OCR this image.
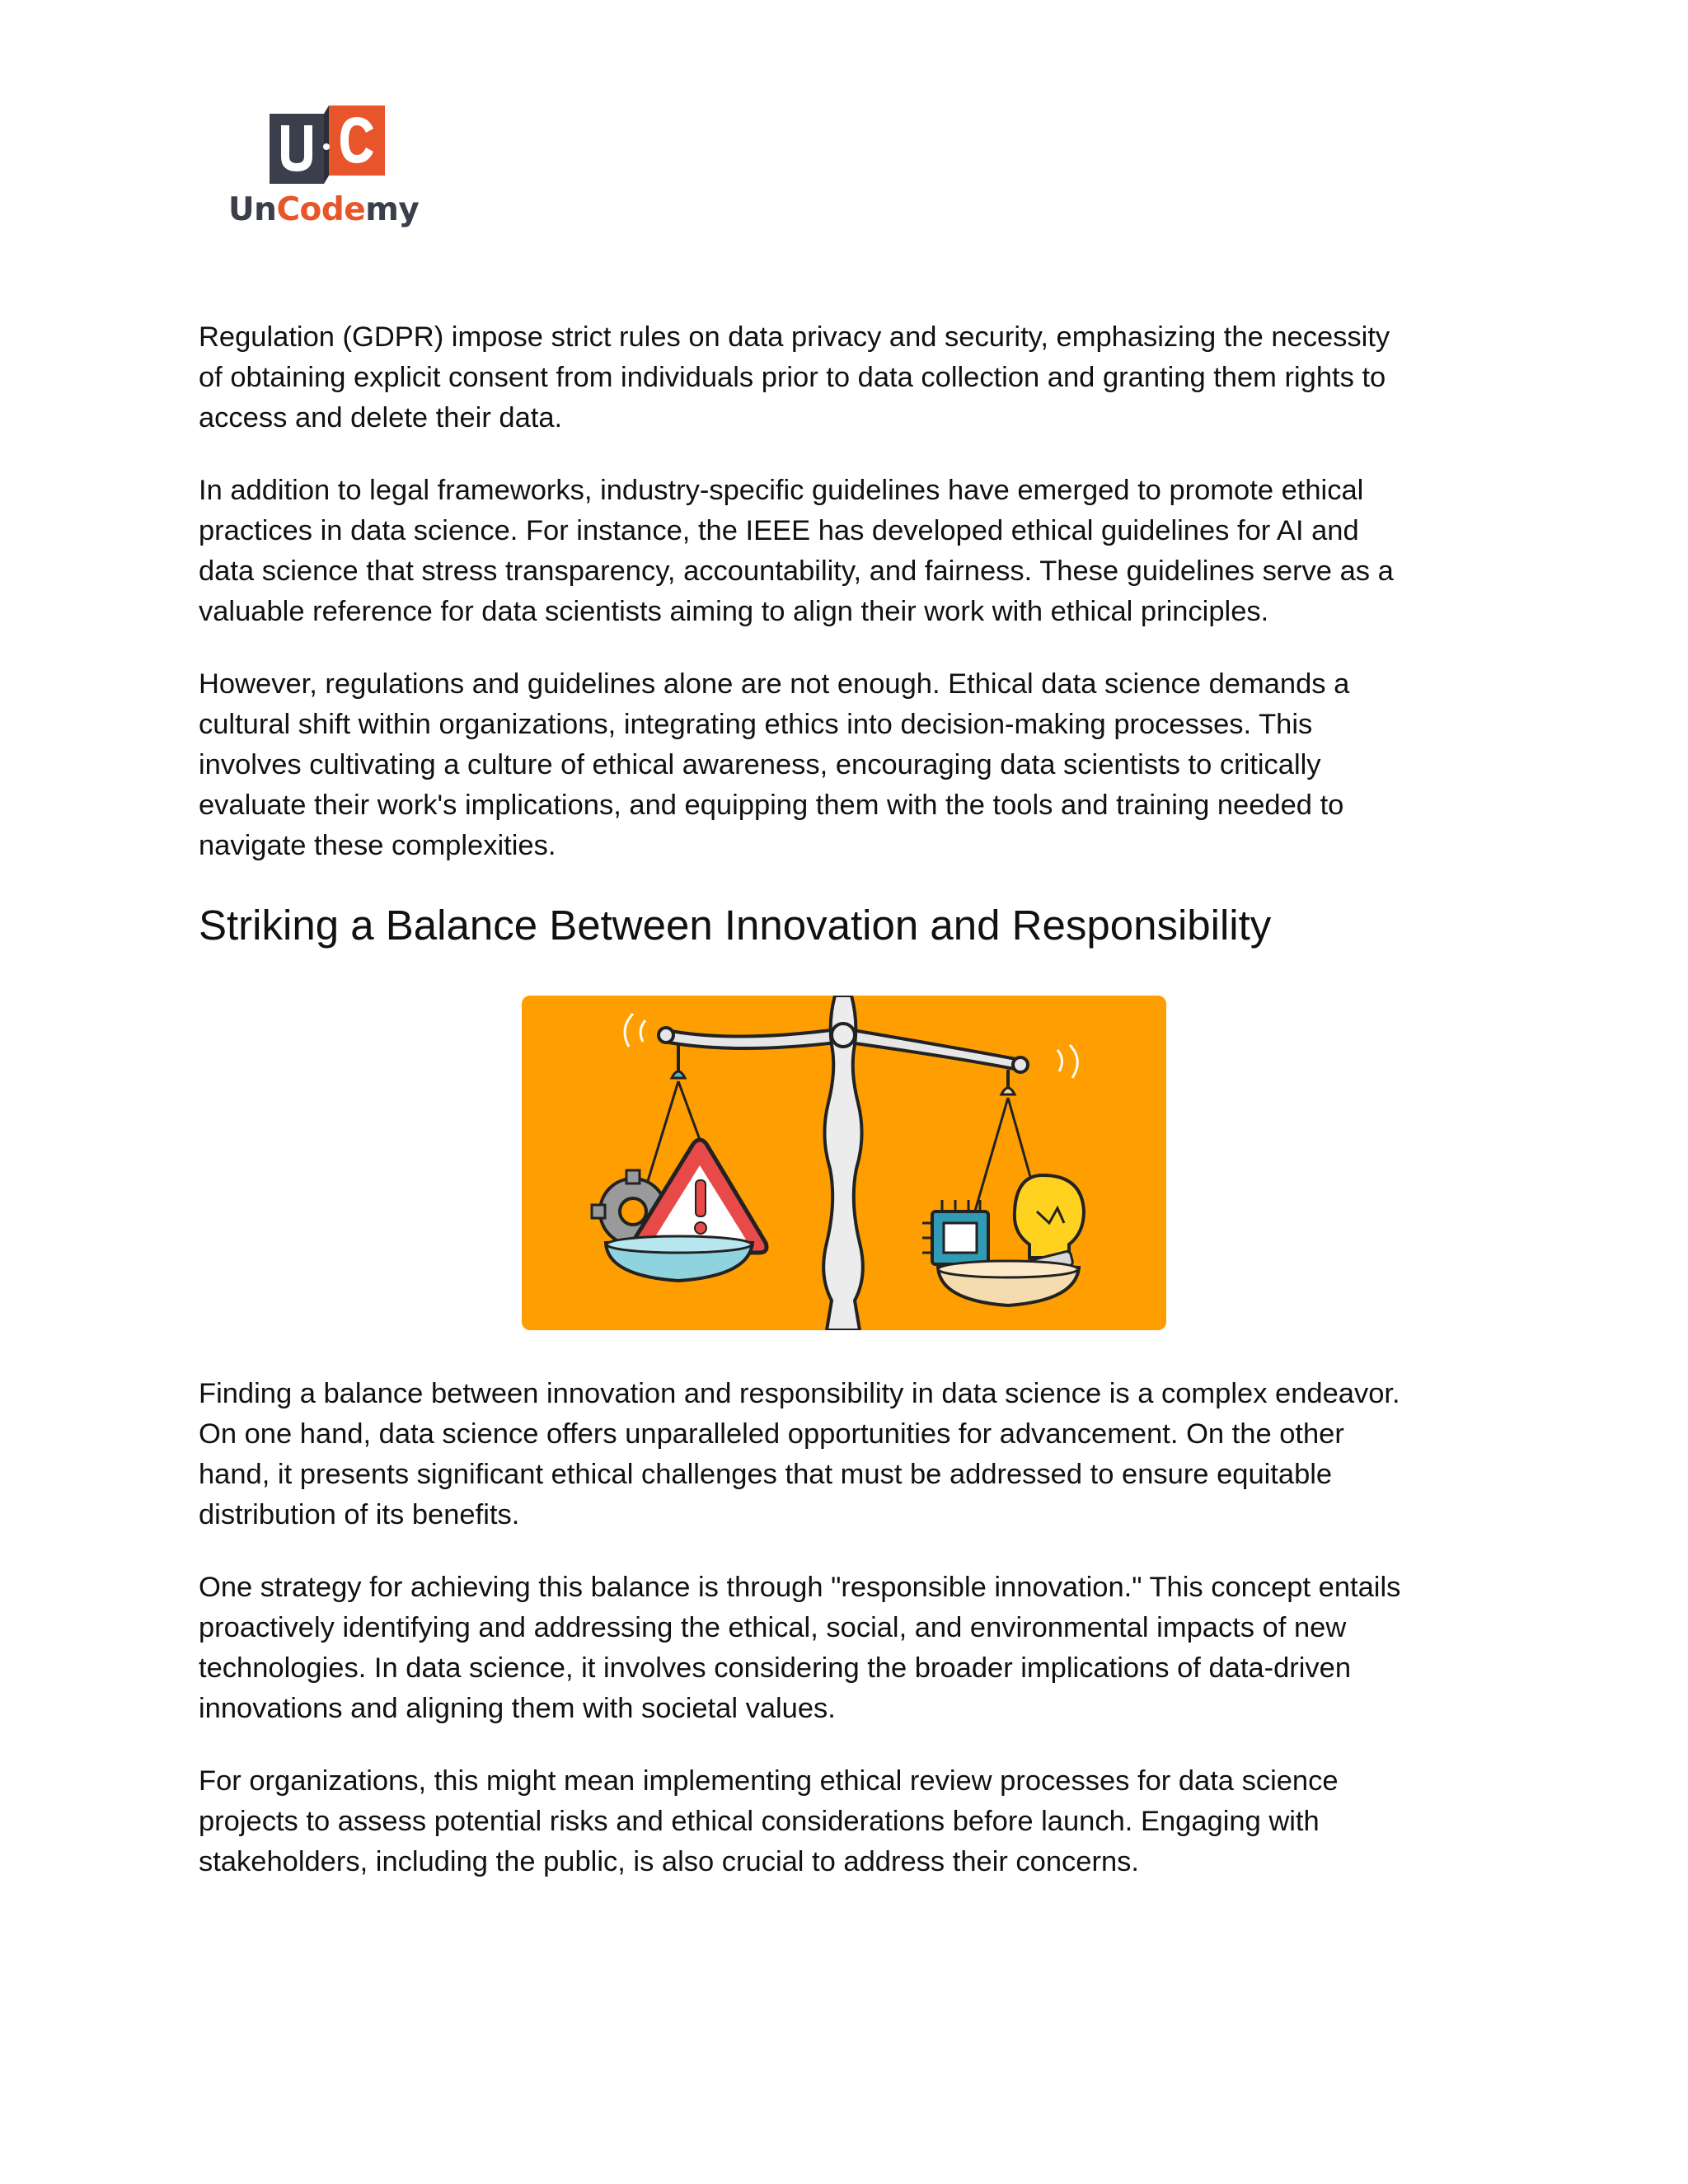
UnCodemy

Regulation (GDPR) impose strict rules on data privacy and security, emphasizing the necessity
of obtaining explicit consent from individuals prior to data collection and granting them rights to
access and delete their data.

In addition to legal frameworks, industry-specific guidelines have emerged to promote ethical
practices in data science. For instance, the IEEE has developed ethical guidelines for AI and
data science that stress transparency, accountability, and fairness. These guidelines serve as a
valuable reference for data scientists aiming to align their work with ethical principles.

However, regulations and guidelines alone are not enough. Ethical data science demands a
cultural shift within organizations, integrating ethics into decision-making processes. This
involves cultivating a culture of ethical awareness, encouraging data scientists to critically
evaluate their work's implications, and equipping them with the tools and training needed to
navigate these complexities.

Striking a Balance Between Innovation and Responsibility

Finding a balance between innovation and responsibility in data science is a complex endeavor.
On one hand, data science offers unparalleled opportunities for advancement. On the other
hand, it presents significant ethical challenges that must be addressed to ensure equitable
distribution of its benefits.

One strategy for achieving this balance is through "responsible innovation." This concept entails
proactively identifying and addressing the ethical, social, and environmental impacts of new
technologies. In data science, it involves considering the broader implications of data-driven
innovations and aligning them with societal values.

For organizations, this might mean implementing ethical review processes for data science
projects to assess potential risks and ethical considerations before launch. Engaging with
stakeholders, including the public, is also crucial to address their concerns.
